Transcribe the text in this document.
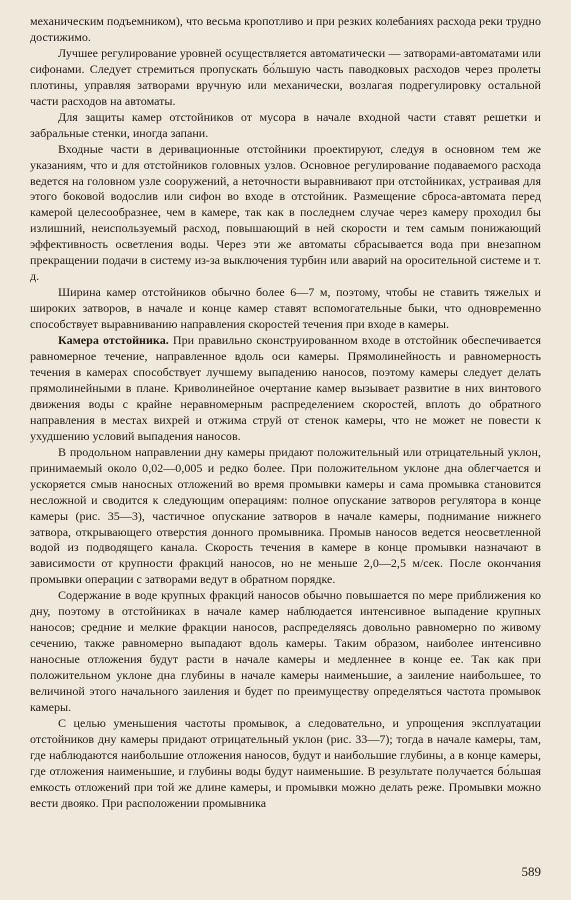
механическим подъемником), что весьма кропотливо и при резких колебаниях расхода реки трудно достижимо.

Лучшее регулирование уровней осуществляется автоматически — затворами-автоматами или сифонами. Следует стремиться пропускать бо́льшую часть паводковых расходов через пролеты плотины, управляя затворами вручную или механически, возлагая подрегулировку остальной части расходов на автоматы.

Для защиты камер отстойников от мусора в начале входной части ставят решетки и забральные стенки, иногда запани.

Входные части в деривационные отстойники проектируют, следуя в основном тем же указаниям, что и для отстойников головных узлов. Основное регулирование подаваемого расхода ведется на головном узле сооружений, а неточности выравнивают при отстойниках, устраивая для этого боковой водослив или сифон во входе в отстойник. Размещение сброса-автомата перед камерой целесообразнее, чем в камере, так как в последнем случае через камеру проходил бы излишний, неиспользуемый расход, повышающий в ней скорости и тем самым понижающий эффективность осветления воды. Через эти же автоматы сбрасывается вода при внезапном прекращении подачи в систему из-за выключения турбин или аварий на оросительной системе и т. д.

Ширина камер отстойников обычно более 6—7 м, поэтому, чтобы не ставить тяжелых и широких затворов, в начале и конце камер ставят вспомогательные быки, что одновременно способствует выравниванию направления скоростей течения при входе в камеры.

Камера отстойника. При правильно сконструированном входе в отстойник обеспечивается равномерное течение, направленное вдоль оси камеры. Прямолинейность и равномерность течения в камерах способствует лучшему выпадению наносов, поэтому камеры следует делать прямолинейными в плане. Криволинейное очертание камер вызывает развитие в них винтового движения воды с крайне неравномерным распределением скоростей, вплоть до обратного направления в местах вихрей и отжима струй от стенок камеры, что не может не повести к ухудшению условий выпадения наносов.

В продольном направлении дну камеры придают положительный или отрицательный уклон, принимаемый около 0,02—0,005 и редко более. При положительном уклоне дна облегчается и ускоряется смыв наносных отложений во время промывки камеры и сама промывка становится несложной и сводится к следующим операциям: полное опускание затворов регулятора в конце камеры (рис. 35—3), частичное опускание затворов в начале камеры, поднимание нижнего затвора, открывающего отверстия донного промывника. Промыв наносов ведется неосветленной водой из подводящего канала. Скорость течения в камере в конце промывки назначают в зависимости от крупности фракций наносов, но не меньше 2,0—2,5 м/сек. После окончания промывки операции с затворами ведут в обратном порядке.

Содержание в воде крупных фракций наносов обычно повышается по мере приближения ко дну, поэтому в отстойниках в начале камер наблюдается интенсивное выпадение крупных наносов; средние и мелкие фракции наносов, распределяясь довольно равномерно по живому сечению, также равномерно выпадают вдоль камеры. Таким образом, наиболее интенсивно наносные отложения будут расти в начале камеры и медленнее в конце ее. Так как при положительном уклоне дна глубины в начале камеры наименьшие, а заиление наибольшее, то величиной этого начального заиления и будет по преимуществу определяться частота промывок камеры.

С целью уменьшения частоты промывок, а следовательно, и упрощения эксплуатации отстойников дну камеры придают отрицательный уклон (рис. 33—7); тогда в начале камеры, там, где наблюдаются наибольшие отложения наносов, будут и наибольшие глубины, а в конце камеры, где отложения наименьшие, и глубины воды будут наименьшие. В результате получается бо́льшая емкость отложений при той же длине камеры, и промывки можно делать реже. Промывки можно вести двояко. При расположении промывника

589
